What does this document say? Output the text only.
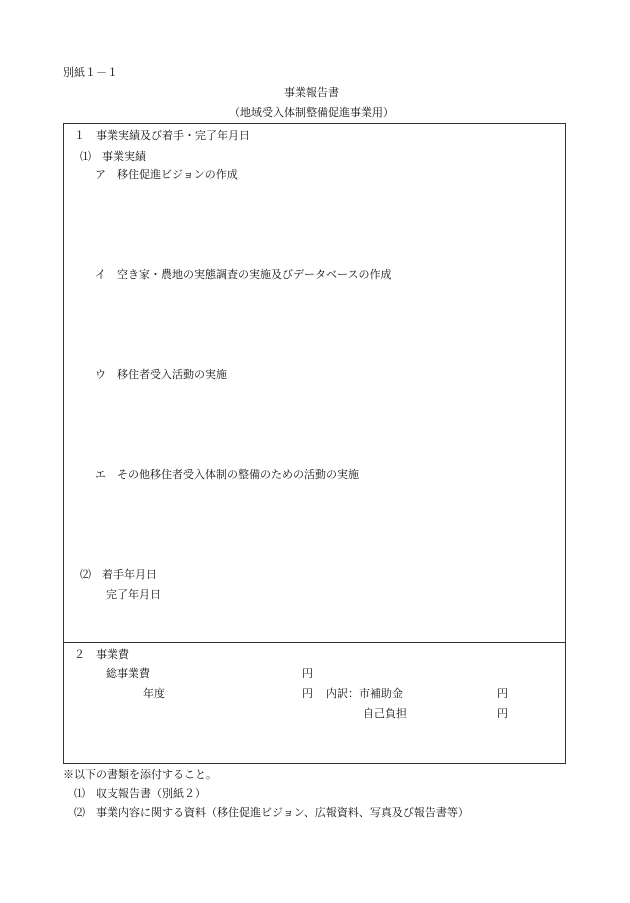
別紙１－１
事業報告書
（地域受入体制整備促進事業用）
１　事業実績及び着手・完了年月日
⑴　事業実績
ア　移住促進ビジョンの作成
イ　空き家・農地の実態調査の実施及びデータベースの作成
ウ　移住者受入活動の実施
エ　その他移住者受入体制の整備のための活動の実施
⑵　着手年月日
完了年月日
２　事業費
総事業費	円
年度	円 内訳：市補助金	円
自己負担	円
※以下の書類を添付すること。
⑴　収支報告書（別紙２）
⑵　事業内容に関する資料（移住促進ビジョン、広報資料、写真及び報告書等）
